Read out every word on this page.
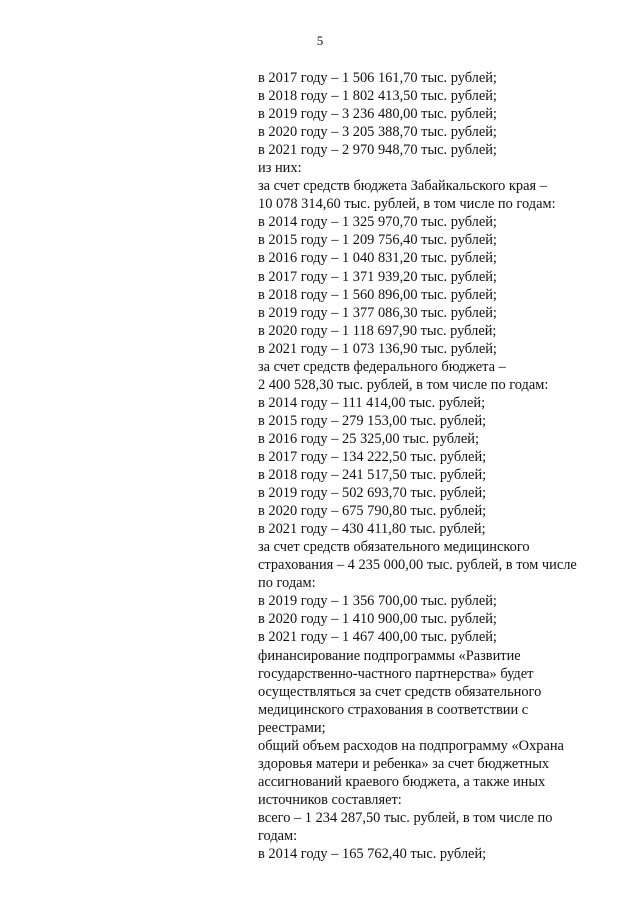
5
в 2017 году – 1 506 161,70 тыс. рублей;
в 2018 году – 1 802 413,50 тыс. рублей;
в 2019 году – 3 236 480,00 тыс. рублей;
в 2020 году – 3 205 388,70 тыс. рублей;
в 2021 году – 2 970 948,70 тыс. рублей;
из них:
за счет средств бюджета Забайкальского края –
10 078 314,60 тыс. рублей, в том числе по годам:
в 2014 году – 1 325 970,70 тыс. рублей;
в 2015 году – 1 209 756,40 тыс. рублей;
в 2016 году – 1 040 831,20 тыс. рублей;
в 2017 году – 1 371 939,20 тыс. рублей;
в 2018 году – 1 560 896,00 тыс. рублей;
в 2019 году – 1 377 086,30 тыс. рублей;
в 2020 году – 1 118 697,90 тыс. рублей;
в 2021 году – 1 073 136,90 тыс. рублей;
за счет средств федерального бюджета –
2 400 528,30 тыс. рублей, в том числе по годам:
в 2014 году – 111 414,00 тыс. рублей;
в 2015 году – 279 153,00 тыс. рублей;
в 2016 году – 25 325,00 тыс. рублей;
в 2017 году – 134 222,50 тыс. рублей;
в 2018 году – 241 517,50 тыс. рублей;
в 2019 году – 502 693,70 тыс. рублей;
в 2020 году – 675 790,80 тыс. рублей;
в 2021 году – 430 411,80 тыс. рублей;
за счет средств обязательного медицинского
страхования – 4 235 000,00 тыс. рублей, в том числе
по годам:
в 2019 году – 1 356 700,00 тыс. рублей;
в 2020 году – 1 410 900,00 тыс. рублей;
в 2021 году – 1 467 400,00 тыс. рублей;
финансирование подпрограммы «Развитие
государственно-частного партнерства» будет
осуществляться за счет средств обязательного
медицинского страхования в соответствии с
реестрами;
общий объем расходов на подпрограмму «Охрана
здоровья матери и ребенка» за счет бюджетных
ассигнований краевого бюджета, а также иных
источников составляет:
всего – 1 234 287,50 тыс. рублей, в том числе по
годам:
в 2014 году – 165 762,40 тыс. рублей;
